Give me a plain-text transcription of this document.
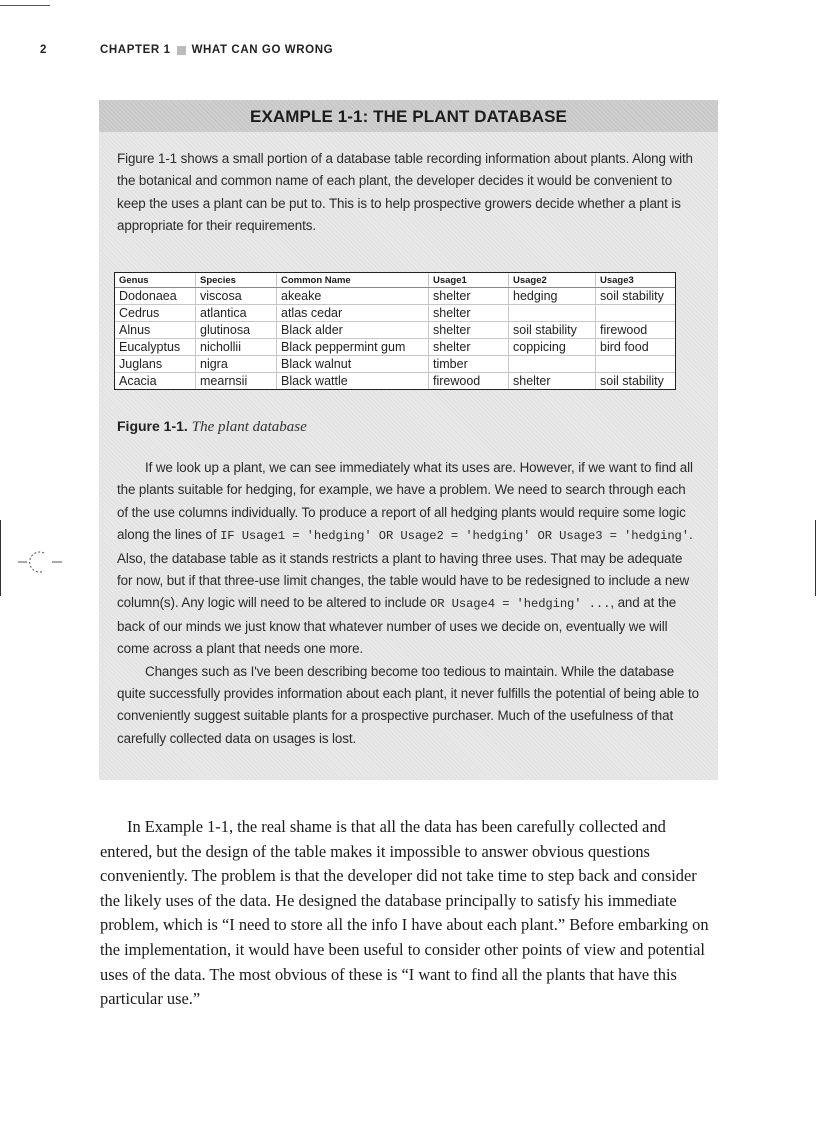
2	CHAPTER 1 WHAT CAN GO WRONG
EXAMPLE 1-1: THE PLANT DATABASE

Figure 1-1 shows a small portion of a database table recording information about plants. Along with the botanical and common name of each plant, the developer decides it would be convenient to keep the uses a plant can be put to. This is to help prospective growers decide whether a plant is appropriate for their requirements.

If we look up a plant, we can see immediately what its uses are. However, if we want to find all the plants suitable for hedging, for example, we have a problem. We need to search through each of the use columns individually. To produce a report of all hedging plants would require some logic along the lines of IF Usage1 = 'hedging' OR Usage2 = 'hedging' OR Usage3 = 'hedging'. Also, the database table as it stands restricts a plant to having three uses. That may be adequate for now, but if that three-use limit changes, the table would have to be redesigned to include a new column(s). Any logic will need to be altered to include OR Usage4 = 'hedging' ..., and at the back of our minds we just know that whatever number of uses we decide on, eventually we will come across a plant that needs one more.

Changes such as I've been describing become too tedious to maintain. While the database quite successfully provides information about each plant, it never fulfills the potential of being able to conveniently suggest suitable plants for a prospective purchaser. Much of the usefulness of that carefully collected data on usages is lost.

Genus	Species	Common Name	Usage1	Usage2	Usage3
Dodonaea	viscosa	akeake	shelter	hedging	soil stability
Cedrus	atlantica	atlas cedar	shelter		
Alnus	glutinosa	Black alder	shelter	soil stability	firewood
Eucalyptus	nichollii	Black peppermint gum	shelter	coppicing	bird food
Juglans	nigra	Black walnut	timber		
Acacia	mearnsii	Black wattle	firewood	shelter	soil stability
Figure 1-1. The plant database

In Example 1-1, the real shame is that all the data has been carefully collected and entered, but the design of the table makes it impossible to answer obvious questions conveniently. The problem is that the developer did not take time to step back and consider the likely uses of the data. He designed the database principally to satisfy his immediate problem, which is “I need to store all the info I have about each plant.” Before embarking on the implementation, it would have been useful to consider other points of view and potential uses of the data. The most obvious of these is “I want to find all the plants that have this particular use.”
